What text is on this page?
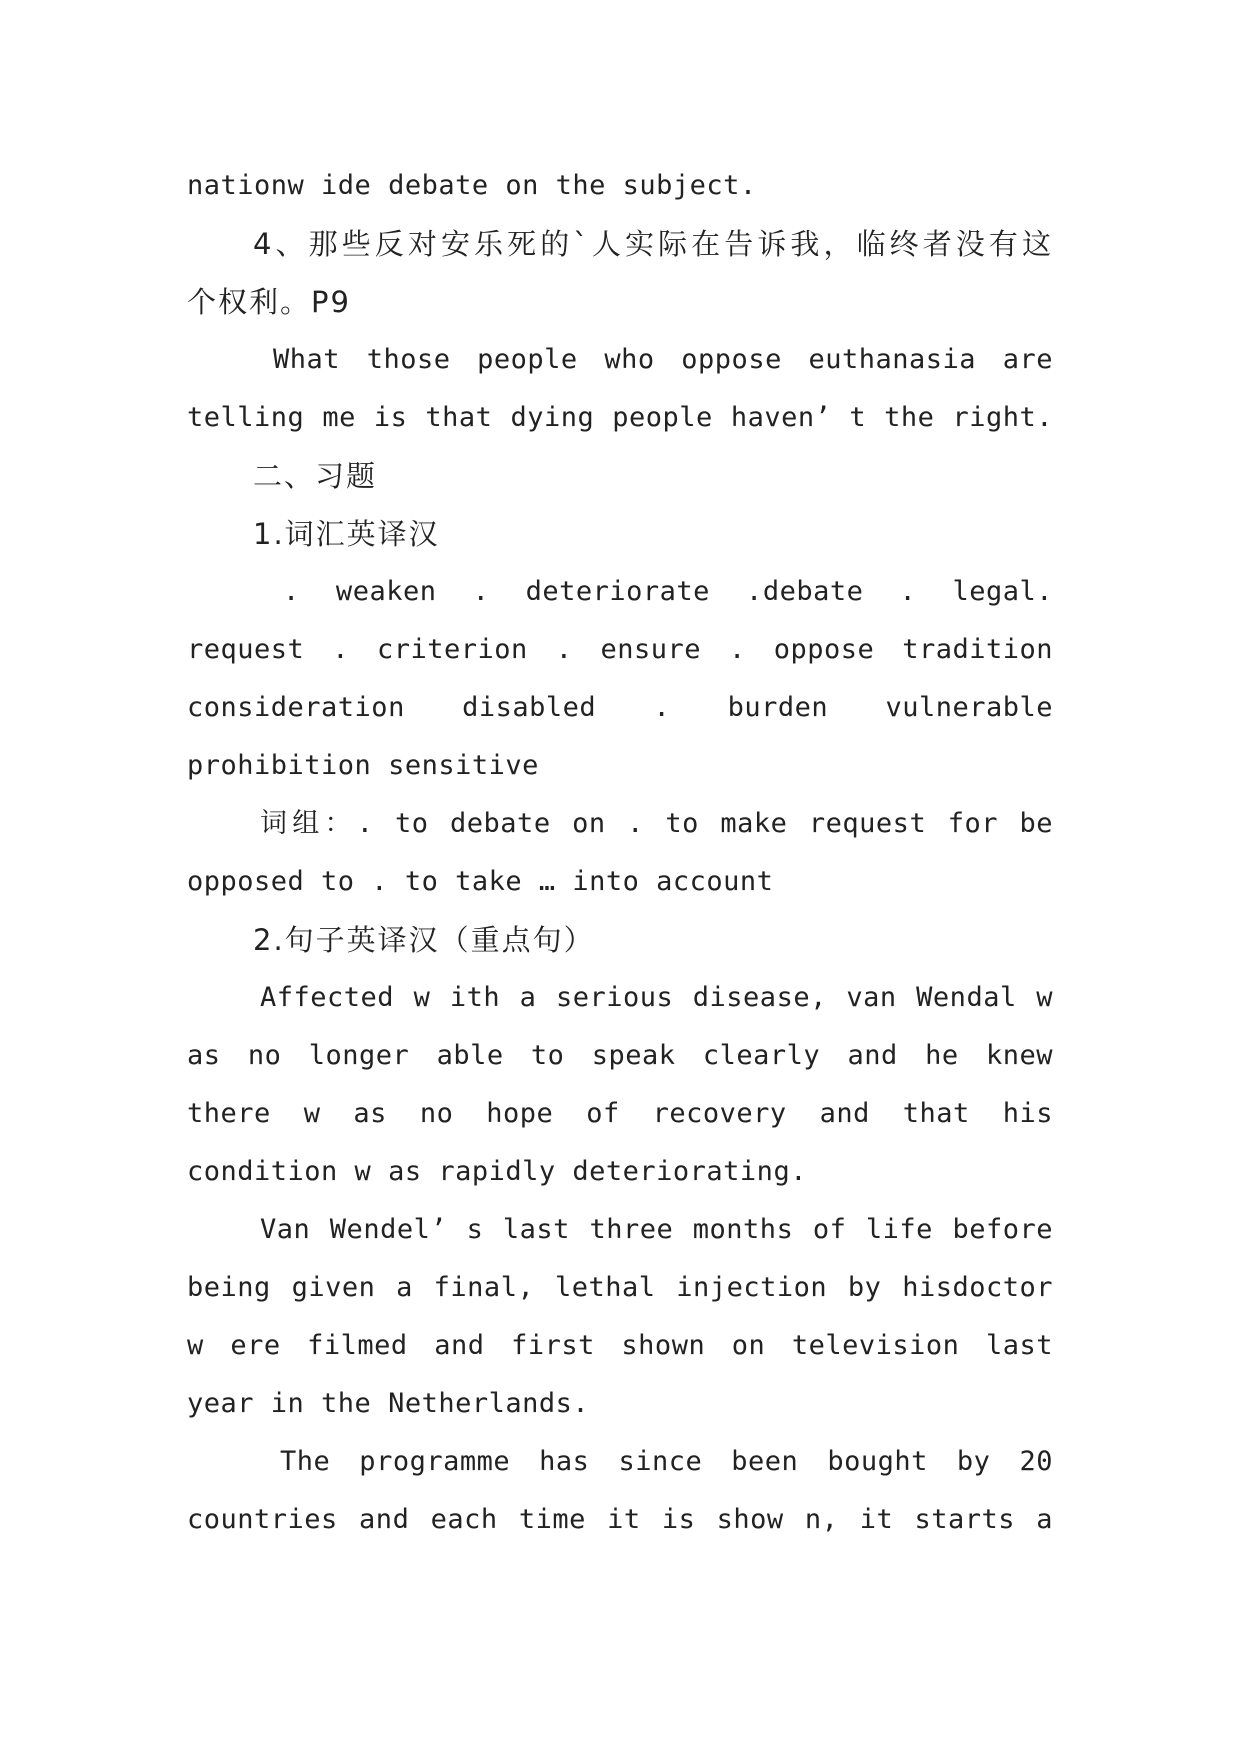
nationw ide debate on the subject.
4、那些反对安乐死的`人实际在告诉我，临终者没有这
个权利。P9
What those people who oppose euthanasia are
telling me is that dying people haven’ t the right.
二、习题
1.词汇英译汉
. weaken . deteriorate .debate . legal.
request . criterion . ensure . oppose tradition
consideration disabled . burden vulnerable
prohibition sensitive
词组：. to debate on . to make request for be
opposed to . to take … into account
2.句子英译汉（重点句）
Affected w ith a serious disease, van Wendal w
as no longer able to speak clearly and he knew
there w as no hope of recovery and that his
condition w as rapidly deteriorating.
Van Wendel’ s last three months of life before
being given a final, lethal injection by hisdoctor
w ere filmed and first shown on television last
year in the Netherlands.
The programme has since been bought by 20
countries and each time it is show n, it starts a
